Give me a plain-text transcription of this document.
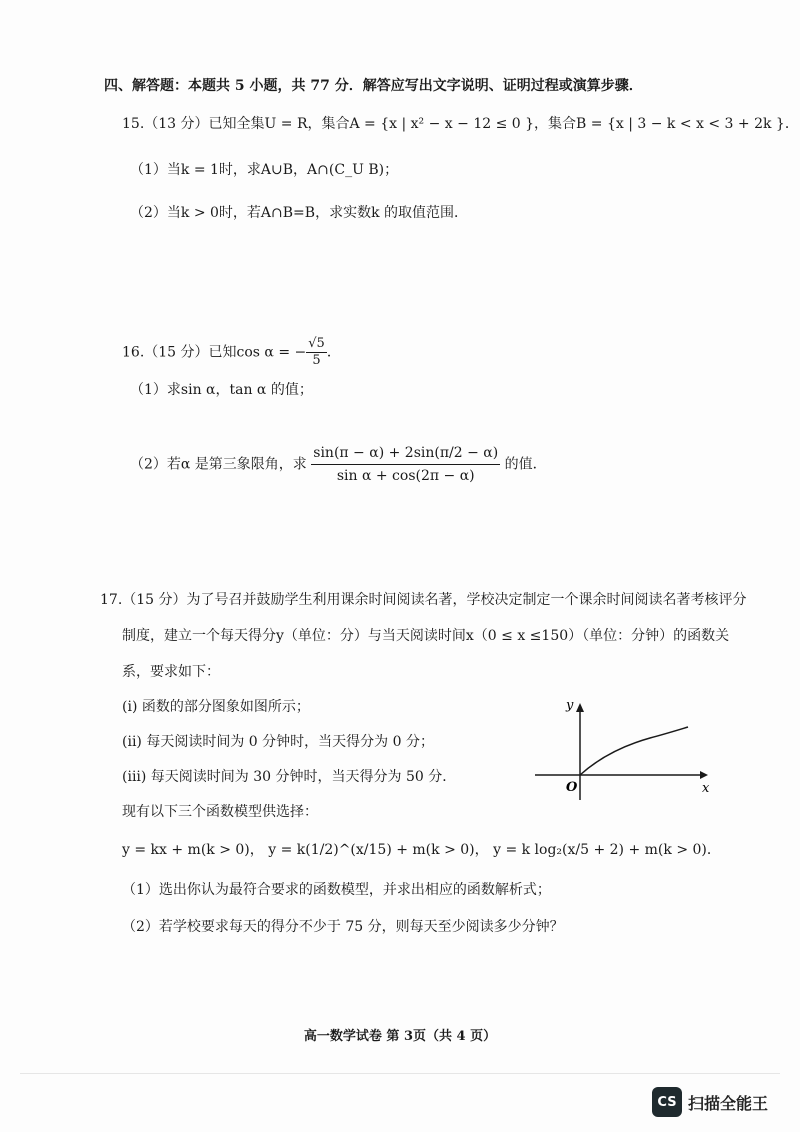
四、解答题：本题共 5 小题，共 77 分．解答应写出文字说明、证明过程或演算步骤．
15.（13 分）已知全集U = R，集合A = {x | x² − x − 12 ≤ 0 }，集合B = {x | 3 − k < x < 3 + 2k }．
（1）当k = 1时，求A∪B，A∩(C_U B)；
（2）当k > 0时，若A∩B=B，求实数k 的取值范围．
16.（15 分）已知cos α = − $\frac{√5}{5}$ ．
（1）求sin α，tan α 的值；
（2）若α 是第三象限角，求 $\frac{\sin(\pi - \alpha) + 2\sin(\pi/2 - \alpha)}{\text{sin α + cos(2π − α)}}$ 的值．
17.（15 分）为了号召并鼓励学生利用课余时间阅读名著，学校决定制定一个课余时间阅读名著考核评分
制度，建立一个每天得分y（单位：分）与当天阅读时间x（0 ≤ x ≤150）（单位：分钟）的函数关
系，要求如下：
(i) 函数的部分图象如图所示；
(ii) 每天阅读时间为 0 分钟时，当天得分为 0 分；
(iii) 每天阅读时间为 30 分钟时，当天得分为 50 分．
现有以下三个函数模型供选择：
y = kx + m(k > 0)， y = k(1/2)^(x/15) + m(k > 0)， y = k log₂(x/5 + 2) + m(k > 0)．
（1）选出你认为最符合要求的函数模型，并求出相应的函数解析式；
（2）若学校要求每天的得分不少于 75 分，则每天至少阅读多少分钟？
y
x
O
高一数学试卷 第 3页（共 4 页）
CS 扫描全能王
